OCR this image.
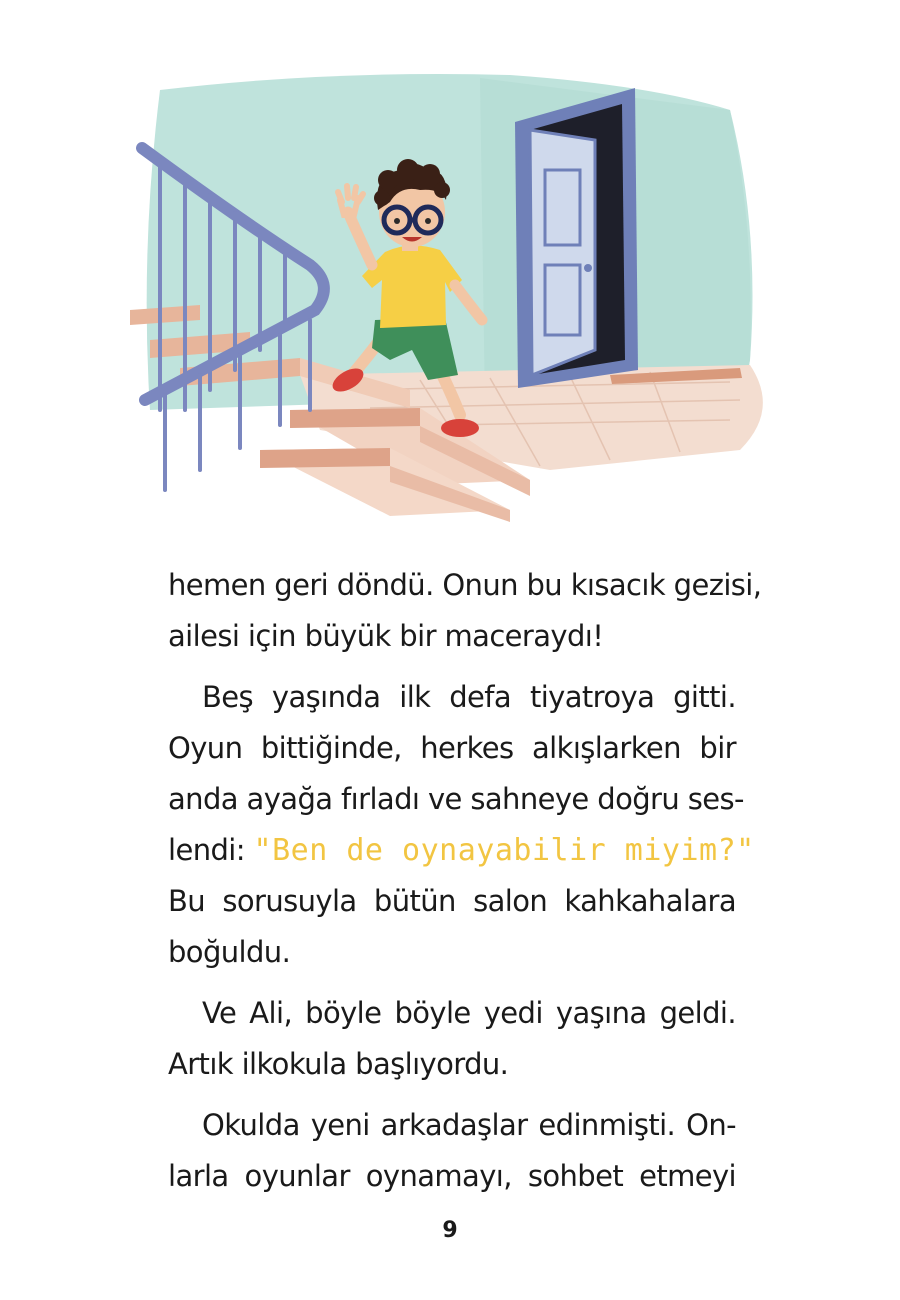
hemen geri döndü. Onun bu kısacık gezisi,
ailesi için büyük bir maceraydı!
Beş yaşında ilk defa tiyatroya gitti.
Oyun bittiğinde, herkes alkışlarken bir
anda ayağa fırladı ve sahneye doğru ses-
lendi: "Ben de oynayabilir miyim?"
Bu sorusuyla bütün salon kahkahalara
boğuldu.
Ve Ali, böyle böyle yedi yaşına geldi.
Artık ilkokula başlıyordu.
Okulda yeni arkadaşlar edinmişti. On-
larla oyunlar oynamayı, sohbet etmeyi
9
